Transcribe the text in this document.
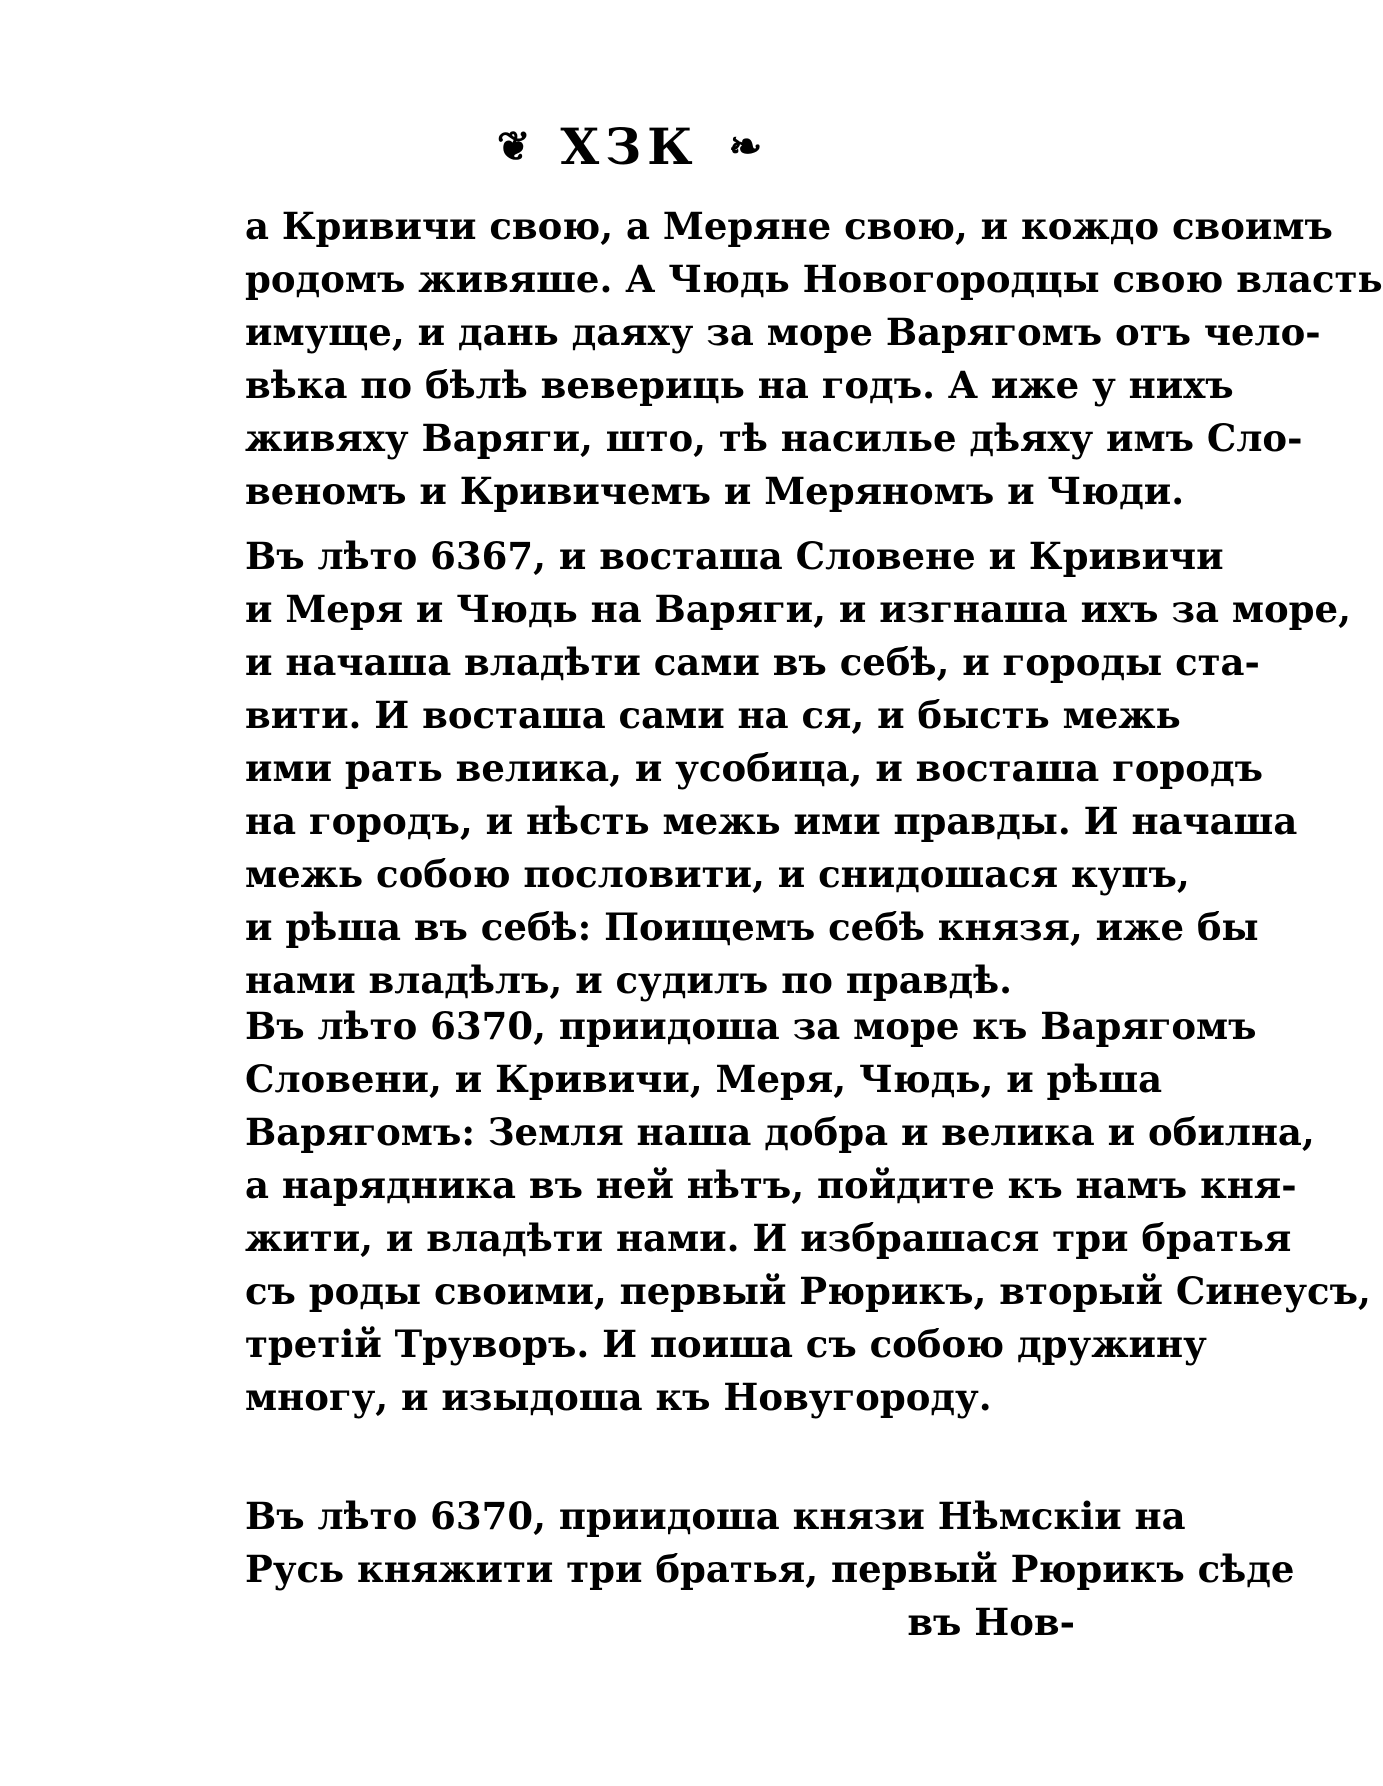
❦ ХЗК ❧
а Кривичи свою, а Меряне свою, и кождо своимъ
родомъ живяше. А Чюдь Новогородцы свою власть
имуще, и дань даяху за море Варягомъ отъ чело-
вѣка по бѣлѣ вевериць на годъ. А иже у нихъ
живяху Варяги, што, тѣ насилье дѣяху имъ Сло-
веномъ и Кривичемъ и Меряномъ и Чюди.
Въ лѣто 6367, и восташа Словене и Кривичи
и Меря и Чюдь на Варяги, и изгнаша ихъ за море,
и начаша владѣти сами въ себѣ, и городы ста-
вити. И восташа сами на ся, и бысть межь
ими рать велика, и усобица, и восташа городъ
на городъ, и нѣсть межь ими правды. И начаша
межь собою пословити, и снидошася купъ,
и рѣша въ себѣ: Поищемъ себѣ князя, иже бы
нами владѣлъ, и судилъ по правдѣ.
Въ лѣто 6370, приидоша за море къ Варягомъ
Словени, и Кривичи, Меря, Чюдь, и рѣша
Варягомъ: Земля наша добра и велика и обилна,
а нарядника въ ней нѣтъ, пойдите къ намъ кня-
жити, и владѣти нами. И избрашася три братья
съ роды своими, первый Рюрикъ, вторый Синеусъ,
третiй Труворъ. И поиша съ собою дружину
многу, и изыдоша къ Новугороду.
Въ лѣто 6370, приидоша князи Нѣмскiи на
Русь княжити три братья, первый Рюрикъ сѣде
въ Нов-
